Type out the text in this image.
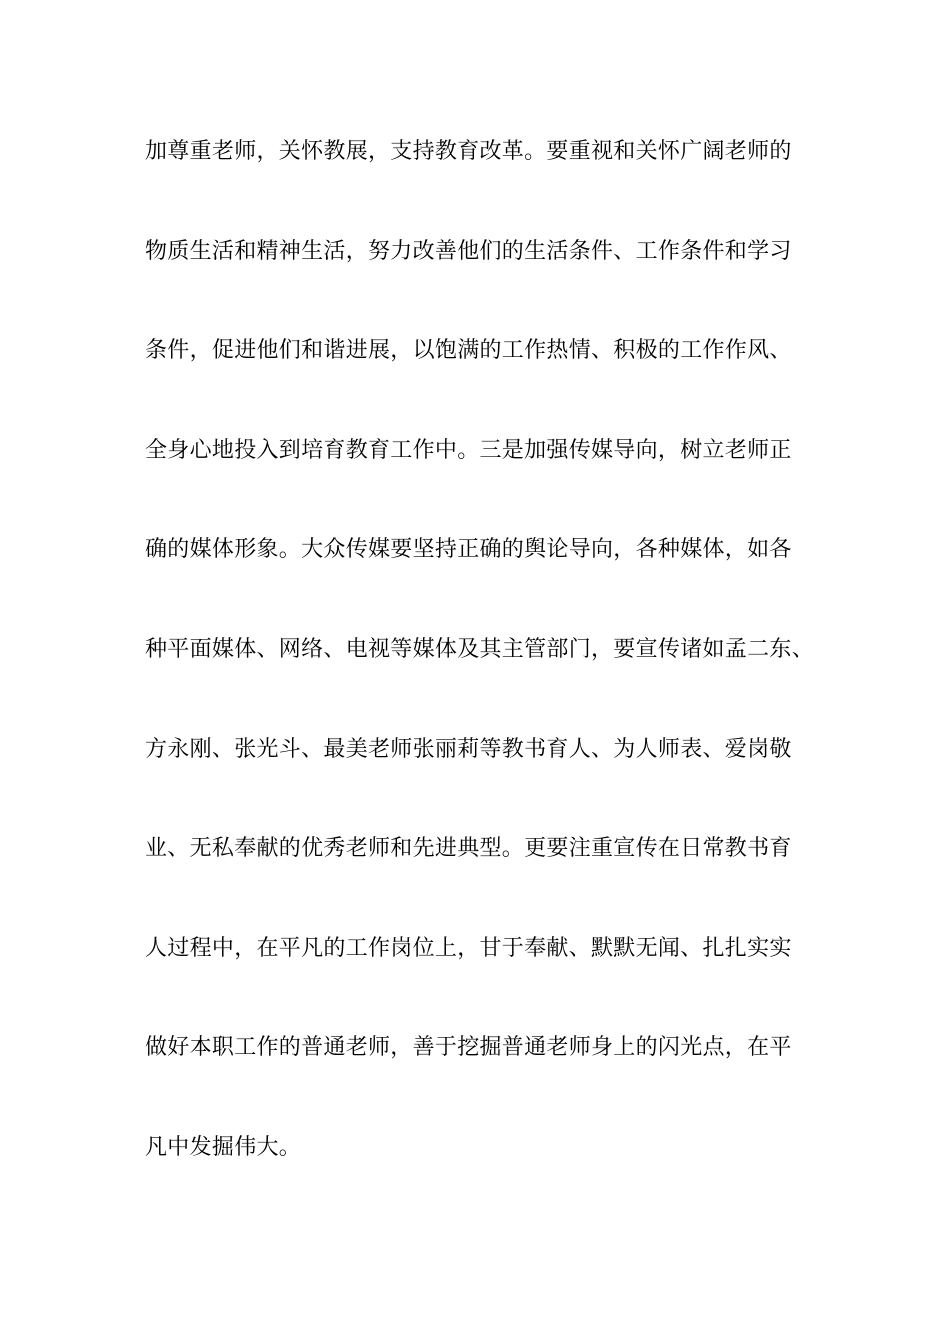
加尊重老师，关怀教展，支持教育改革。要重视和关怀广阔老师的
物质生活和精神生活，努力改善他们的生活条件、工作条件和学习
条件，促进他们和谐进展，以饱满的工作热情、积极的工作作风、
全身心地投入到培育教育工作中。三是加强传媒导向，树立老师正
确的媒体形象。大众传媒要坚持正确的舆论导向，各种媒体，如各
种平面媒体、网络、电视等媒体及其主管部门，要宣传诸如孟二东、
方永刚、张光斗、最美老师张丽莉等教书育人、为人师表、爱岗敬
业、无私奉献的优秀老师和先进典型。更要注重宣传在日常教书育
人过程中，在平凡的工作岗位上，甘于奉献、默默无闻、扎扎实实
做好本职工作的普通老师，善于挖掘普通老师身上的闪光点，在平
凡中发掘伟大。
